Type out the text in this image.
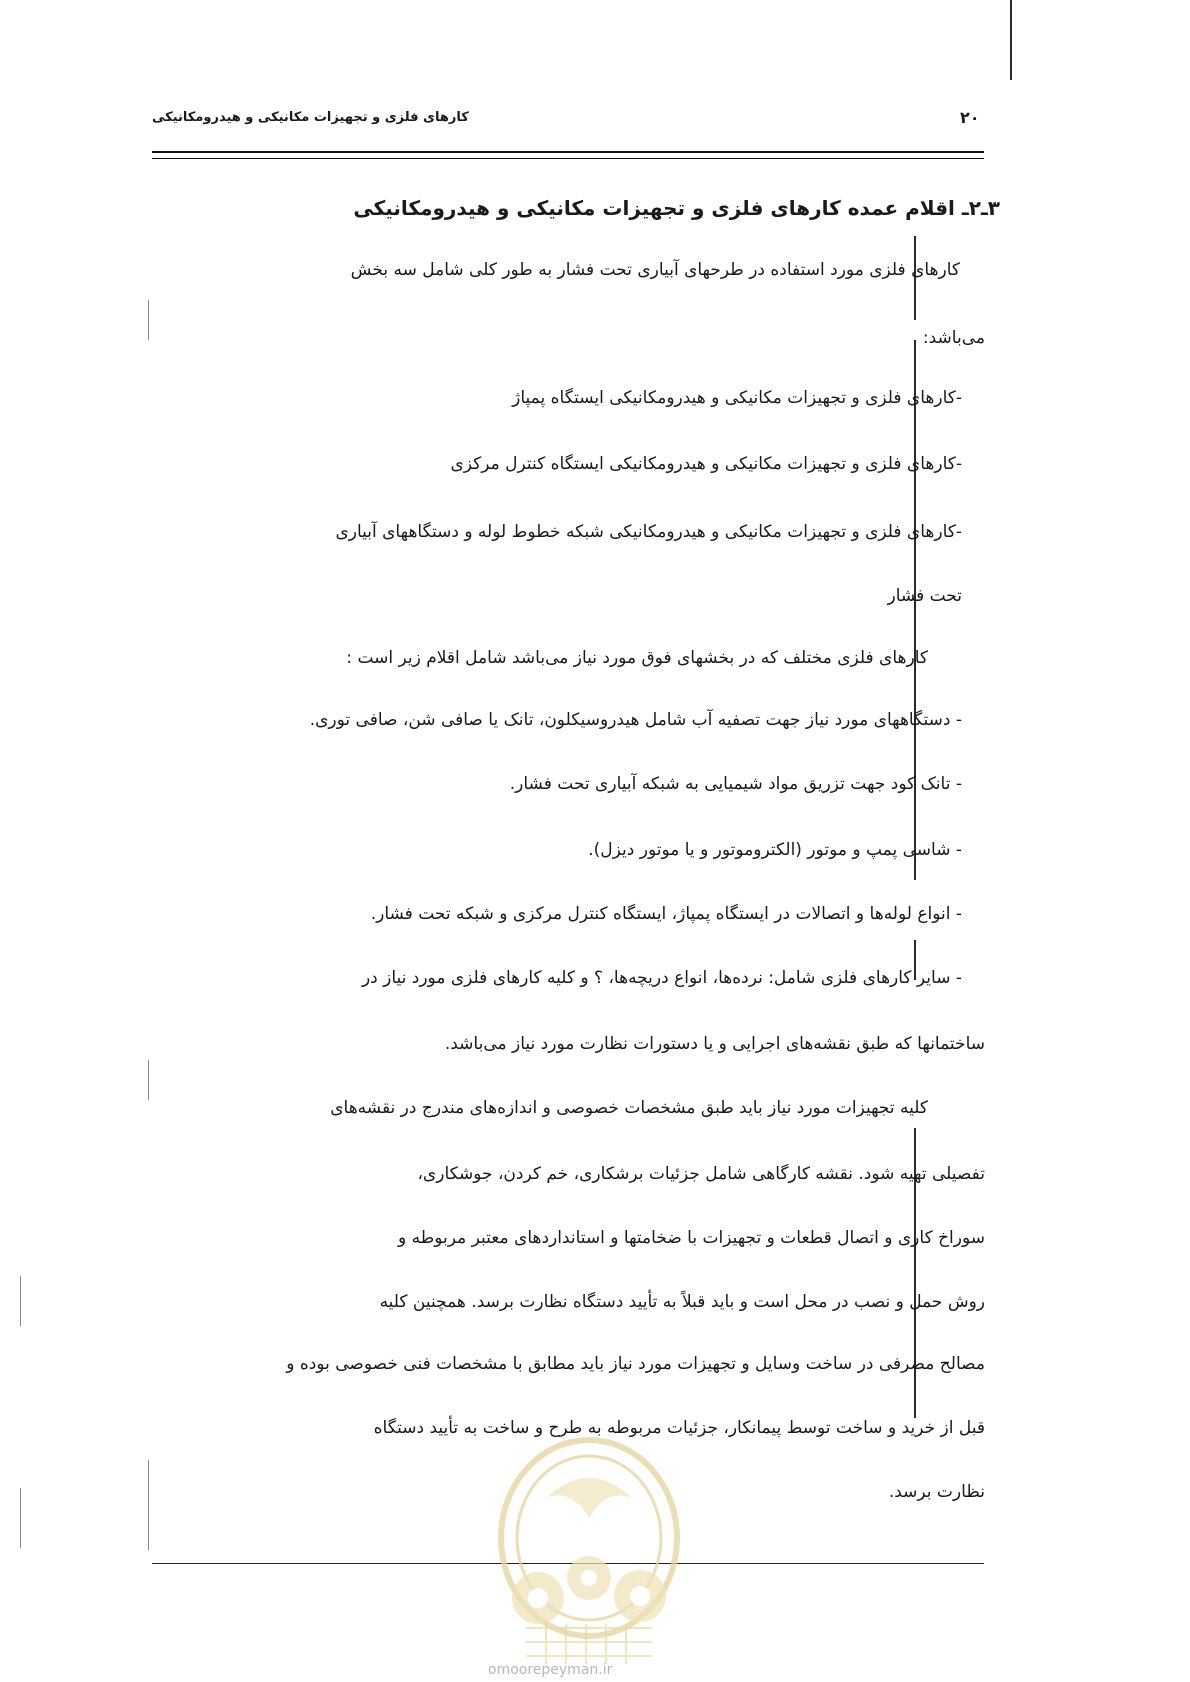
۲۰
کارهای فلزی و تجهیزات مکانیکی و هیدرومکانیکی
۳ـ۲ـ اقلام عمده کارهای فلزی و تجهیزات مکانیکی و هیدرومکانیکی
کارهای فلزی مورد استفاده در طرحهای آبیاری تحت فشار به طور کلی شامل سه بخش
می‌باشد:
-کارهای فلزی و تجهیزات مکانیکی و هیدرومکانیکی ایستگاه پمپاژ
-کارهای فلزی و تجهیزات مکانیکی و هیدرومکانیکی ایستگاه کنترل مرکزی
-کارهای فلزی و تجهیزات مکانیکی و هیدرومکانیکی شبکه خطوط لوله و دستگاههای آبیاری
تحت فشار
کارهای فلزی مختلف که در بخشهای فوق مورد نیاز می‌باشد شامل اقلام زیر است :
- دستگاههای مورد نیاز جهت تصفیه آب شامل هیدروسیکلون، تانک یا صافی شن، صافی توری.
- تانک کود جهت تزریق مواد شیمیایی به شبکه آبیاری تحت فشار.
- شاسی پمپ و موتور (الکتروموتور و یا موتور دیزل).
- انواع لوله‌ها و اتصالات در ایستگاه پمپاژ، ایستگاه کنترل مرکزی و شبکه تحت فشار.
- سایر کارهای فلزی شامل: نرده‌ها، انواع دریچه‌ها، ؟ و کلیه کارهای فلزی مورد نیاز در
ساختمانها که طبق نقشه‌های اجرایی و یا دستورات نظارت مورد نیاز می‌باشد.
کلیه تجهیزات مورد نیاز باید طبق مشخصات خصوصی و اندازه‌های مندرج در نقشه‌های
تفصیلی تهیه شود. نقشه کارگاهی شامل جزئیات برشکاری، خم کردن، جوشکاری،
سوراخ کاری و اتصال قطعات و تجهیزات با ضخامتها و استانداردهای معتبر مربوطه و
روش حمل و نصب در محل است و باید قبلاً به تأیید دستگاه نظارت برسد. همچنین کلیه
مصالح مصرفی در ساخت وسایل و تجهیزات مورد نیاز باید مطابق با مشخصات فنی خصوصی بوده و
قبل از خرید و ساخت توسط پیمانکار، جزئیات مربوطه به طرح و ساخت به تأیید دستگاه
نظارت برسد.
omoorepeyman.ir
